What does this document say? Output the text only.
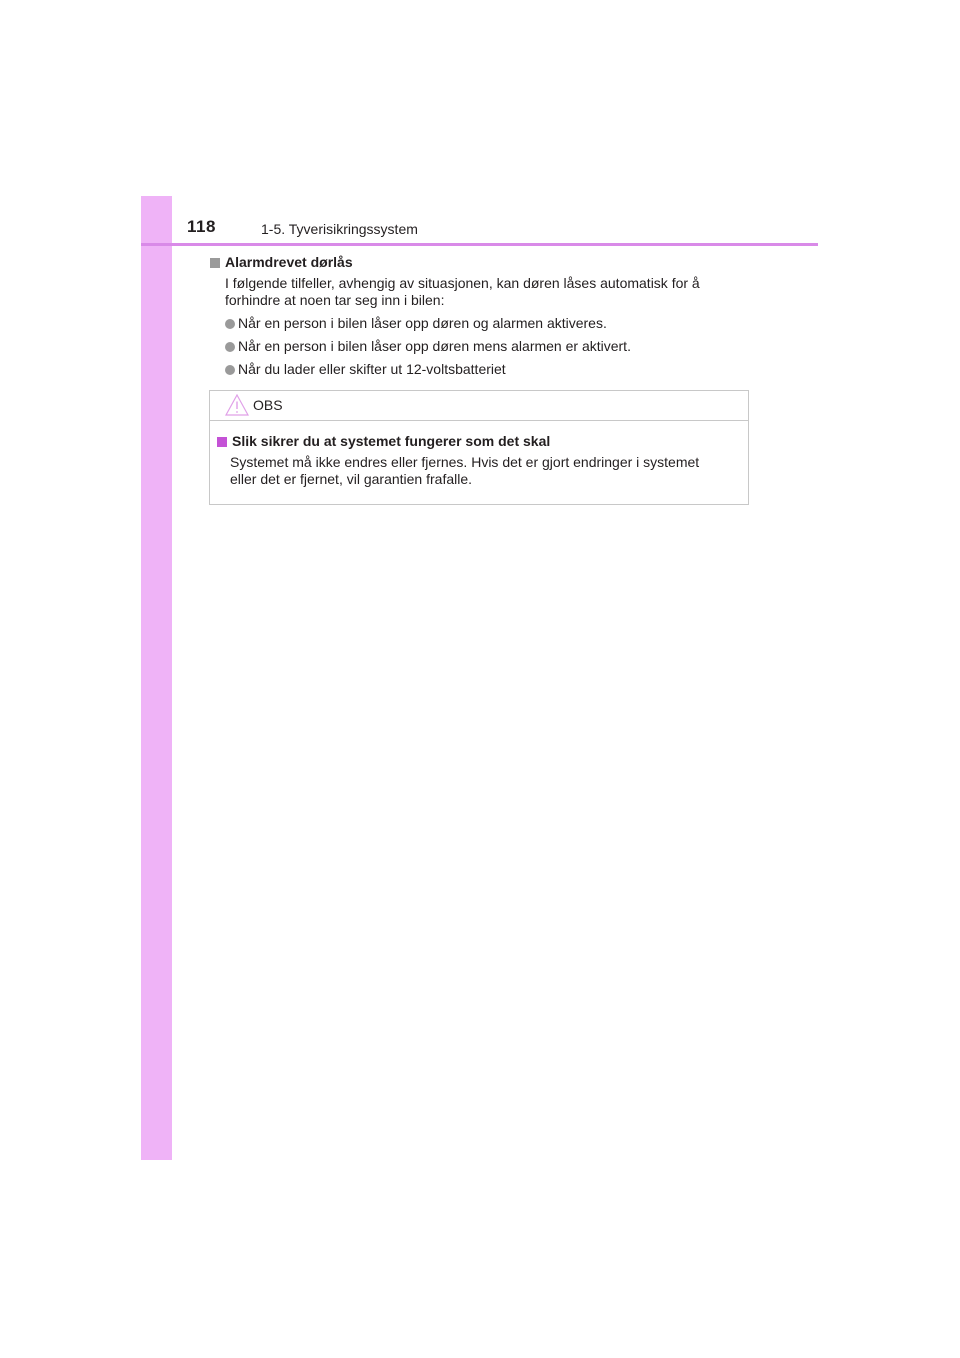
118	1-5. Tyverisikringssystem
Alarmdrevet dørlås
I følgende tilfeller, avhengig av situasjonen, kan døren låses automatisk for å
forhindre at noen tar seg inn i bilen:
Når en person i bilen låser opp døren og alarmen aktiveres.
Når en person i bilen låser opp døren mens alarmen er aktivert.
Når du lader eller skifter ut 12-voltsbatteriet
OBS
Slik sikrer du at systemet fungerer som det skal
Systemet må ikke endres eller fjernes. Hvis det er gjort endringer i systemet
eller det er fjernet, vil garantien frafalle.
